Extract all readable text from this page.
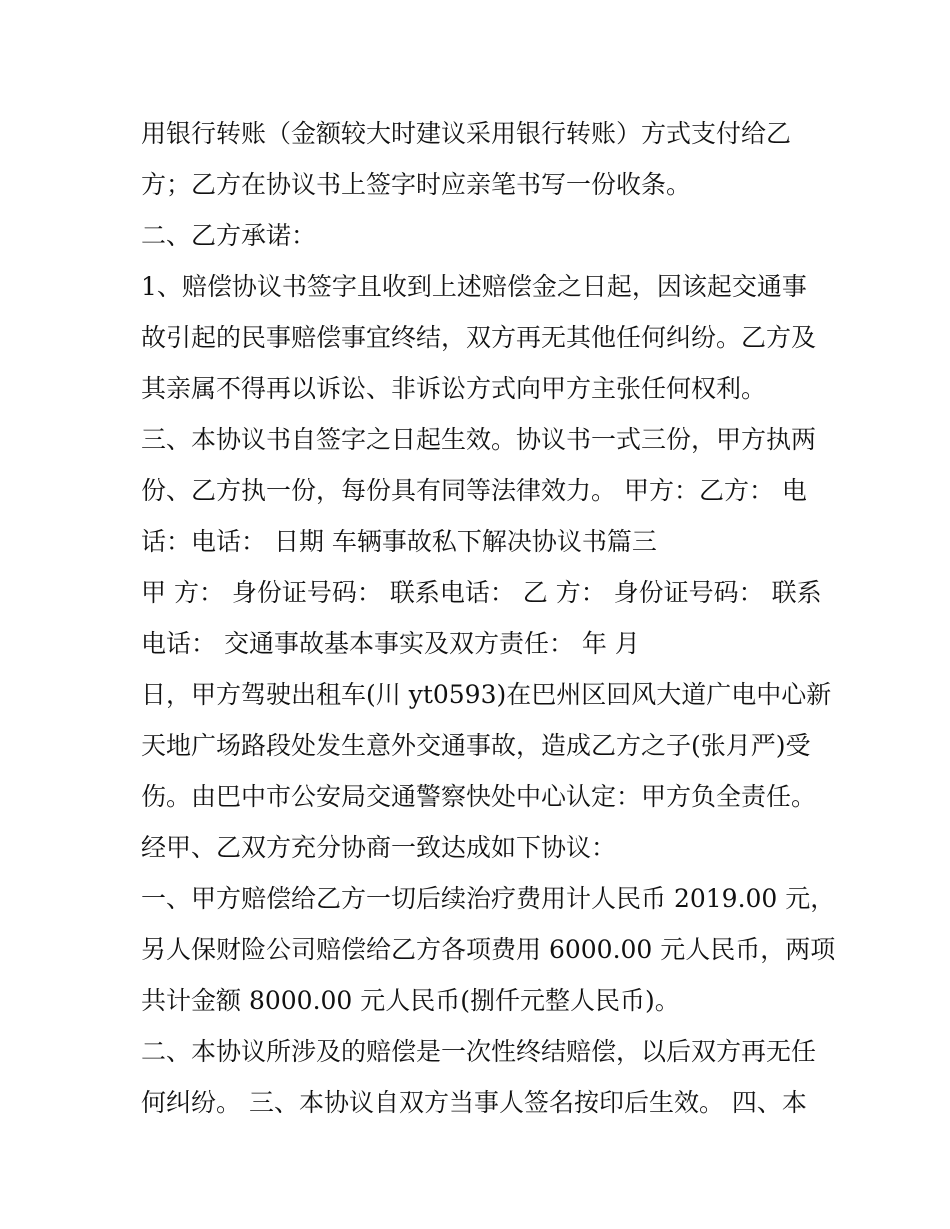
用银行转账（金额较大时建议采用银行转账）方式支付给乙
方；乙方在协议书上签字时应亲笔书写一份收条。
二、乙方承诺：
1、赔偿协议书签字且收到上述赔偿金之日起，因该起交通事
故引起的民事赔偿事宜终结，双方再无其他任何纠纷。乙方及
其亲属不得再以诉讼、非诉讼方式向甲方主张任何权利。
三、本协议书自签字之日起生效。协议书一式三份，甲方执两
份、乙方执一份，每份具有同等法律效力。 甲方：乙方： 电
话：电话： 日期 车辆事故私下解决协议书篇三
甲 方： 身份证号码： 联系电话： 乙 方： 身份证号码： 联系
电话： 交通事故基本事实及双方责任： 年 月
日，甲方驾驶出租车(川 yt0593)在巴州区回风大道广电中心新
天地广场路段处发生意外交通事故，造成乙方之子(张月严)受
伤。由巴中市公安局交通警察快处中心认定：甲方负全责任。
经甲、乙双方充分协商一致达成如下协议：
一、甲方赔偿给乙方一切后续治疗费用计人民币 2019.00 元，
另人保财险公司赔偿给乙方各项费用 6000.00 元人民币，两项
共计金额 8000.00 元人民币(捌仟元整人民币)。
二、本协议所涉及的赔偿是一次性终结赔偿，以后双方再无任
何纠纷。 三、本协议自双方当事人签名按印后生效。 四、本
